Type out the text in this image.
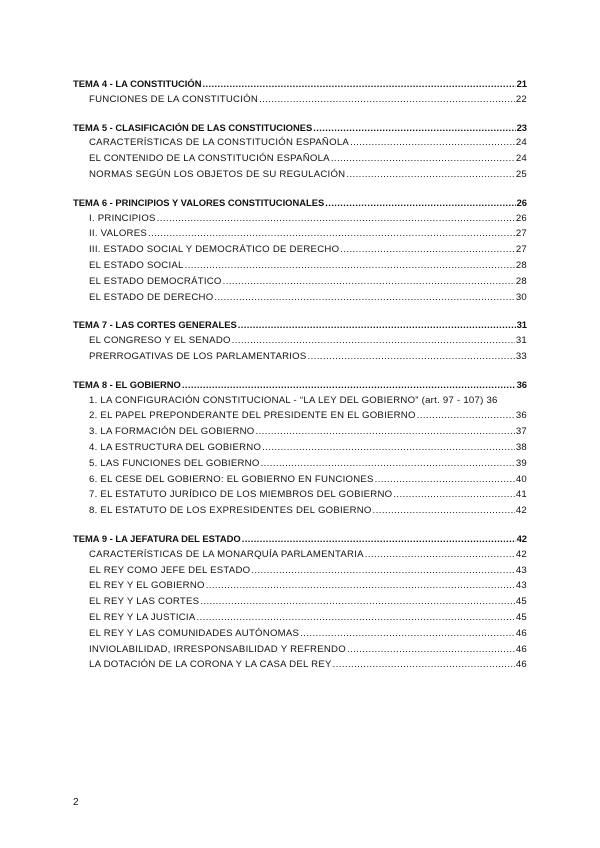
TEMA 4 - LA CONSTITUCIÓN .....	21
FUNCIONES DE LA CONSTITUCIÓN .....	22
TEMA 5 - CLASIFICACIÓN DE LAS CONSTITUCIONES .....	23
CARACTERÍSTICAS DE LA CONSTITUCIÓN ESPAÑOLA .....	24
EL CONTENIDO DE LA CONSTITUCIÓN ESPAÑOLA .....	24
NORMAS SEGÚN LOS OBJETOS DE SU REGULACIÓN .....	25
TEMA 6 - PRINCIPIOS Y VALORES CONSTITUCIONALES .....	26
I. PRINCIPIOS .....	26
II. VALORES .....	27
III. ESTADO SOCIAL Y DEMOCRÁTICO DE DERECHO .....	27
EL ESTADO SOCIAL .....	28
EL ESTADO DEMOCRÁTICO .....	28
EL ESTADO DE DERECHO .....	30
TEMA 7 - LAS CORTES GENERALES .....	31
EL CONGRESO Y EL SENADO .....	31
PRERROGATIVAS DE LOS PARLAMENTARIOS .....	33
TEMA 8 - EL GOBIERNO .....	36
1. LA CONFIGURACIÓN CONSTITUCIONAL - “LA LEY DEL GOBIERNO” (art. 97 - 107) 36
2. EL PAPEL PREPONDERANTE DEL PRESIDENTE EN EL GOBIERNO .....	36
3. LA FORMACIÓN DEL GOBIERNO .....	37
4. LA ESTRUCTURA DEL GOBIERNO .....	38
5. LAS FUNCIONES DEL GOBIERNO .....	39
6. EL CESE DEL GOBIERNO: EL GOBIERNO EN FUNCIONES .....	40
7. EL ESTATUTO JURÍDICO DE LOS MIEMBROS DEL GOBIERNO .....	41
8. EL ESTATUTO DE LOS EXPRESIDENTES DEL GOBIERNO .....	42
TEMA 9 - LA JEFATURA DEL ESTADO .....	42
CARACTERÍSTICAS DE LA MONARQUÍA PARLAMENTARIA .....	42
EL REY COMO JEFE DEL ESTADO .....	43
EL REY Y EL GOBIERNO .....	43
EL REY Y LAS CORTES .....	45
EL REY Y LA JUSTICIA .....	45
EL REY Y LAS COMUNIDADES AUTÓNOMAS .....	46
INVIOLABILIDAD, IRRESPONSABILIDAD Y REFRENDO .....	46
LA DOTACIÓN DE LA CORONA Y LA CASA DEL REY .....	46
2
